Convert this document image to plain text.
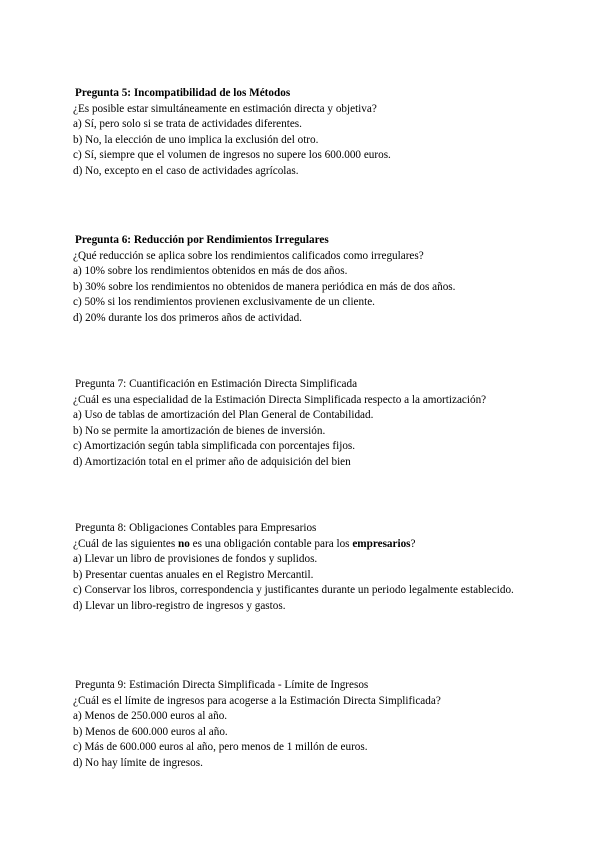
Pregunta 5: Incompatibilidad de los Métodos

¿Es posible estar simultáneamente en estimación directa y objetiva?

a) Sí, pero solo si se trata de actividades diferentes.

b) No, la elección de uno implica la exclusión del otro.

c) Sí, siempre que el volumen de ingresos no supere los 600.000 euros.

d) No, excepto en el caso de actividades agrícolas.

Pregunta 6: Reducción por Rendimientos Irregulares

¿Qué reducción se aplica sobre los rendimientos calificados como irregulares?

a) 10% sobre los rendimientos obtenidos en más de dos años.

b) 30% sobre los rendimientos no obtenidos de manera periódica en más de dos años.

c) 50% si los rendimientos provienen exclusivamente de un cliente.

d) 20% durante los dos primeros años de actividad.

Pregunta 7: Cuantificación en Estimación Directa Simplificada

¿Cuál es una especialidad de la Estimación Directa Simplificada respecto a la amortización?

a) Uso de tablas de amortización del Plan General de Contabilidad.

b) No se permite la amortización de bienes de inversión.

c) Amortización según tabla simplificada con porcentajes fijos.

d) Amortización total en el primer año de adquisición del bien

Pregunta 8: Obligaciones Contables para Empresarios

¿Cuál de las siguientes no es una obligación contable para los empresarios?

a) Llevar un libro de provisiones de fondos y suplidos.

b) Presentar cuentas anuales en el Registro Mercantil.

c) Conservar los libros, correspondencia y justificantes durante un periodo legalmente establecido.

d) Llevar un libro-registro de ingresos y gastos.

Pregunta 9: Estimación Directa Simplificada - Límite de Ingresos

¿Cuál es el límite de ingresos para acogerse a la Estimación Directa Simplificada?

a) Menos de 250.000 euros al año.

b) Menos de 600.000 euros al año.

c) Más de 600.000 euros al año, pero menos de 1 millón de euros.

d) No hay límite de ingresos.
